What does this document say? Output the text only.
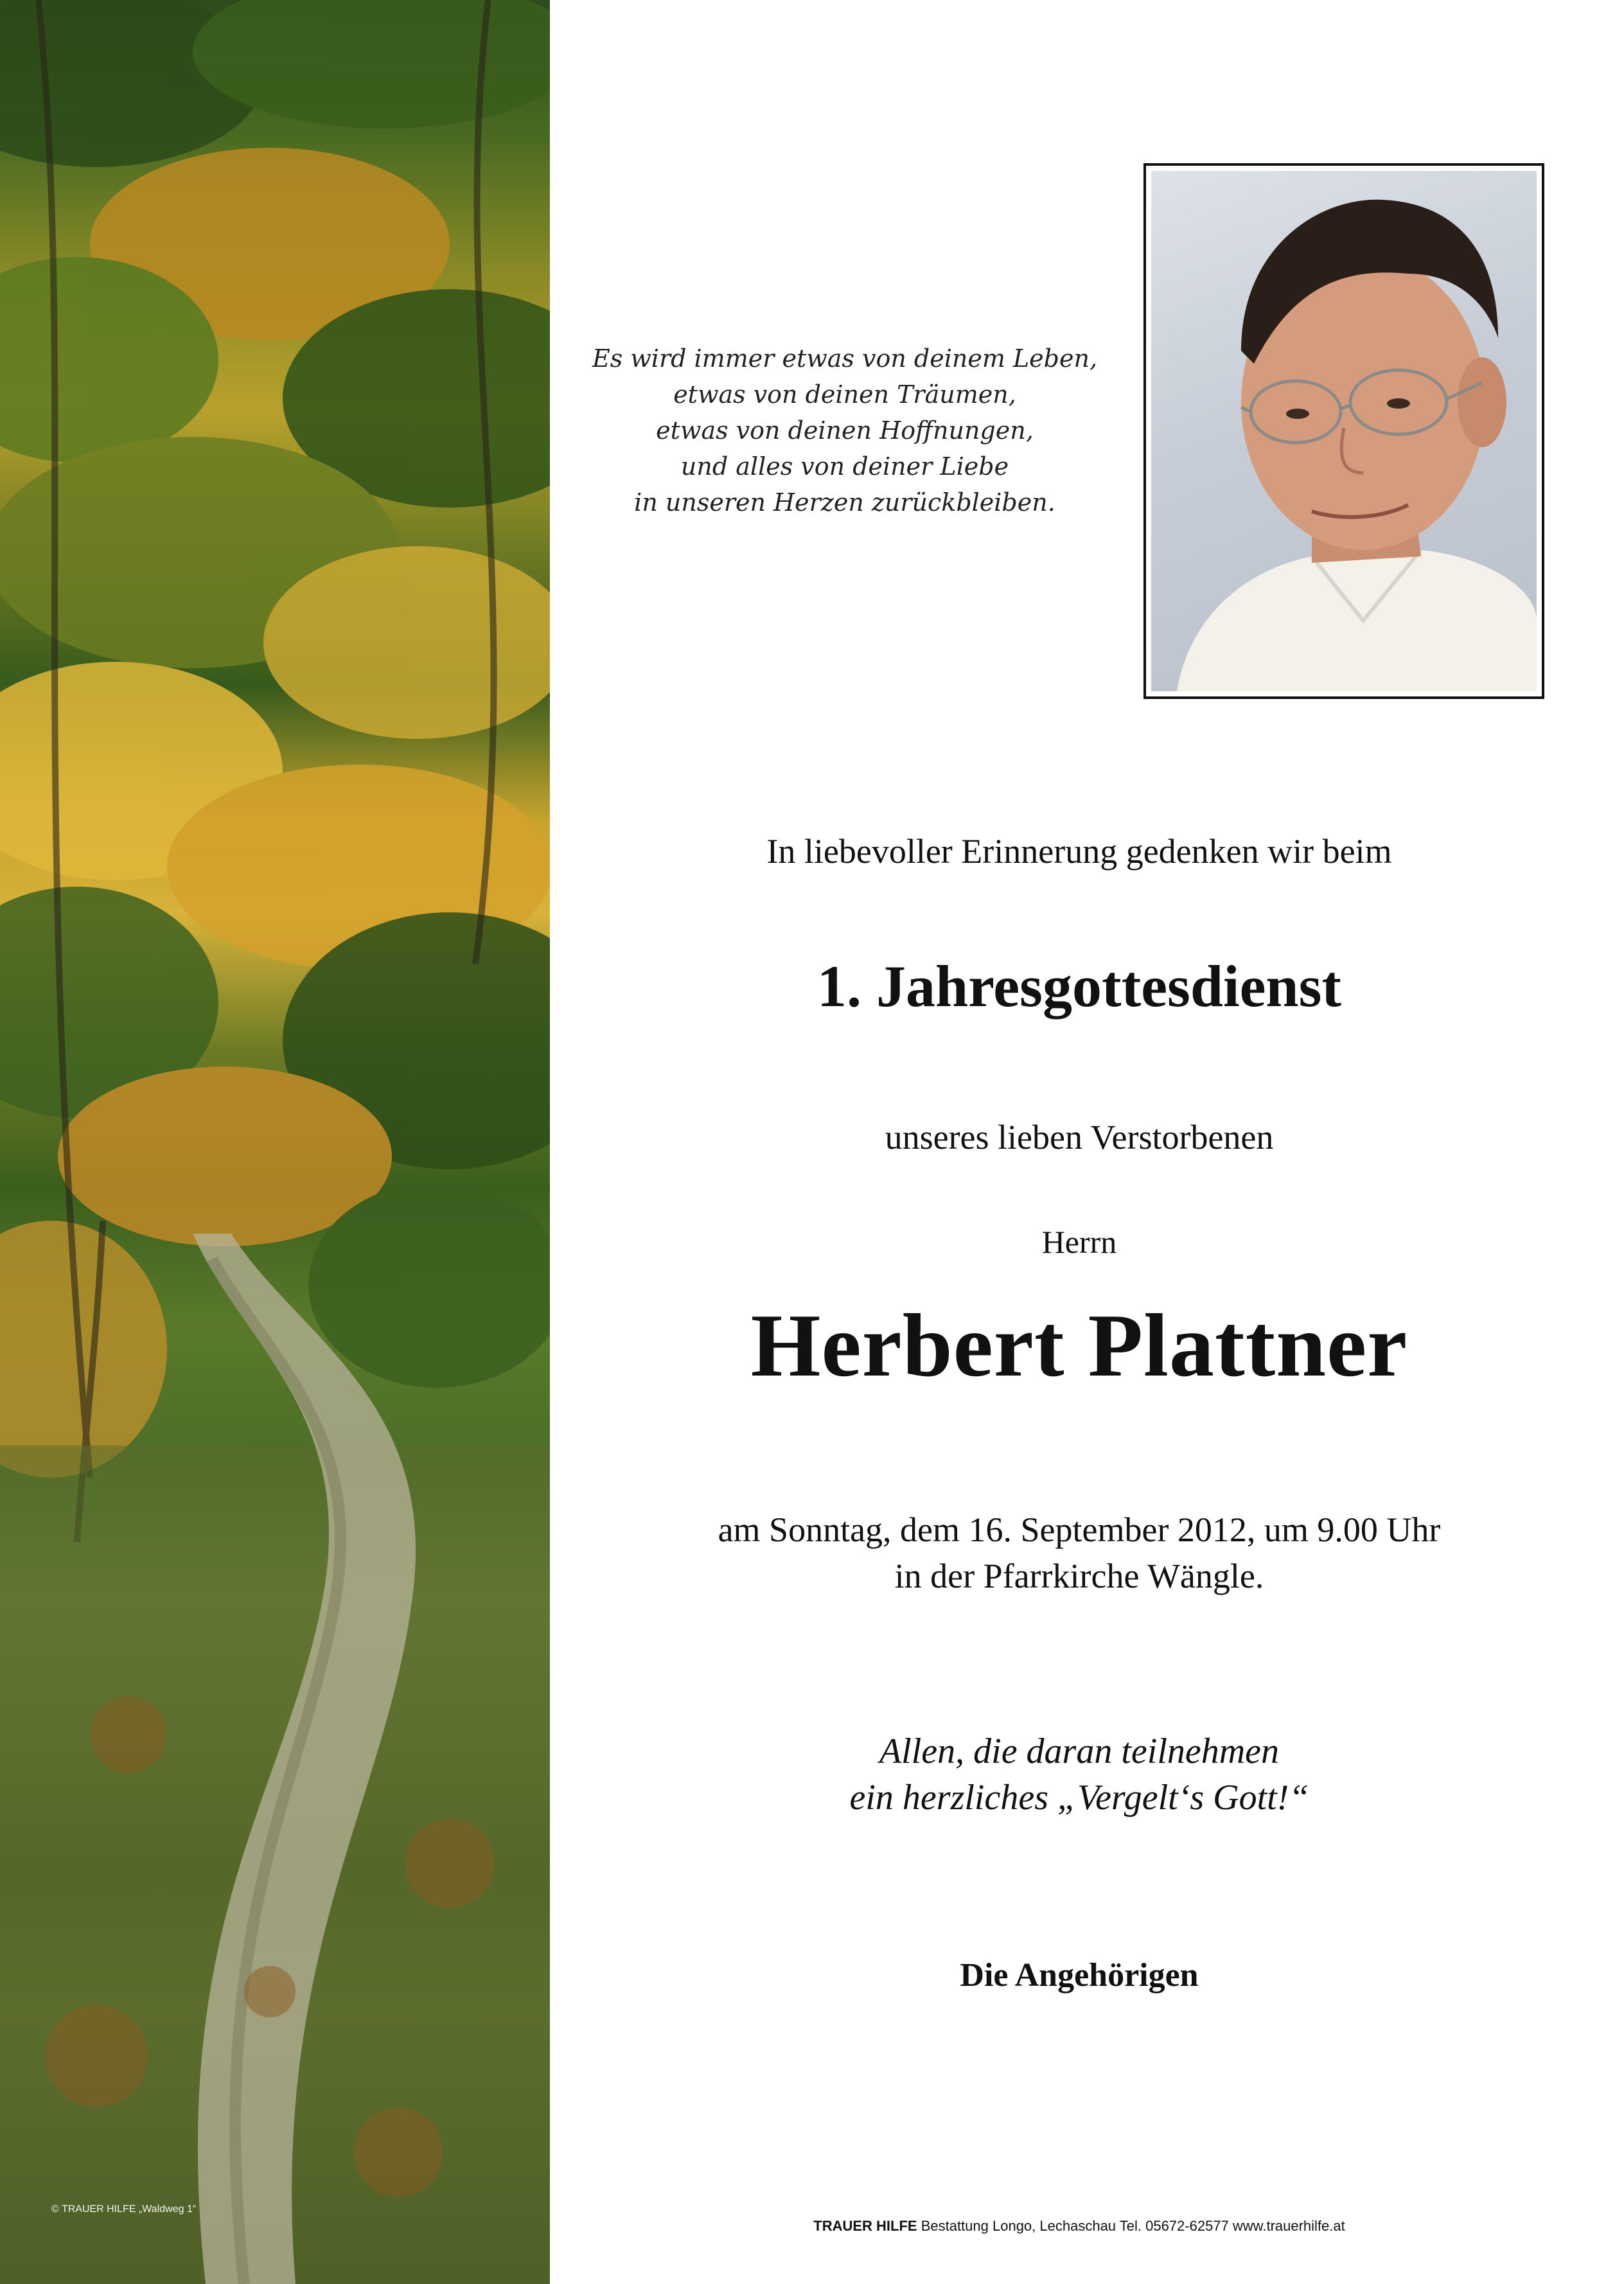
© TRAUER HILFE „Waldweg 1“
Es wird immer etwas von deinem Leben,
etwas von deinen Träumen,
etwas von deinen Hoffnungen,
und alles von deiner Liebe
in unseren Herzen zurückbleiben.
In liebevoller Erinnerung gedenken wir beim
1. Jahresgottesdienst
unseres lieben Verstorbenen
Herrn
Herbert Plattner
am Sonntag, dem 16. September 2012, um 9.00 Uhr
in der Pfarrkirche Wängle.
Allen, die daran teilnehmen
ein herzliches „Vergelt‘s Gott!“
Die Angehörigen
TRAUER HILFE Bestattung Longo, Lechaschau Tel. 05672-62577 www.trauerhilfe.at
